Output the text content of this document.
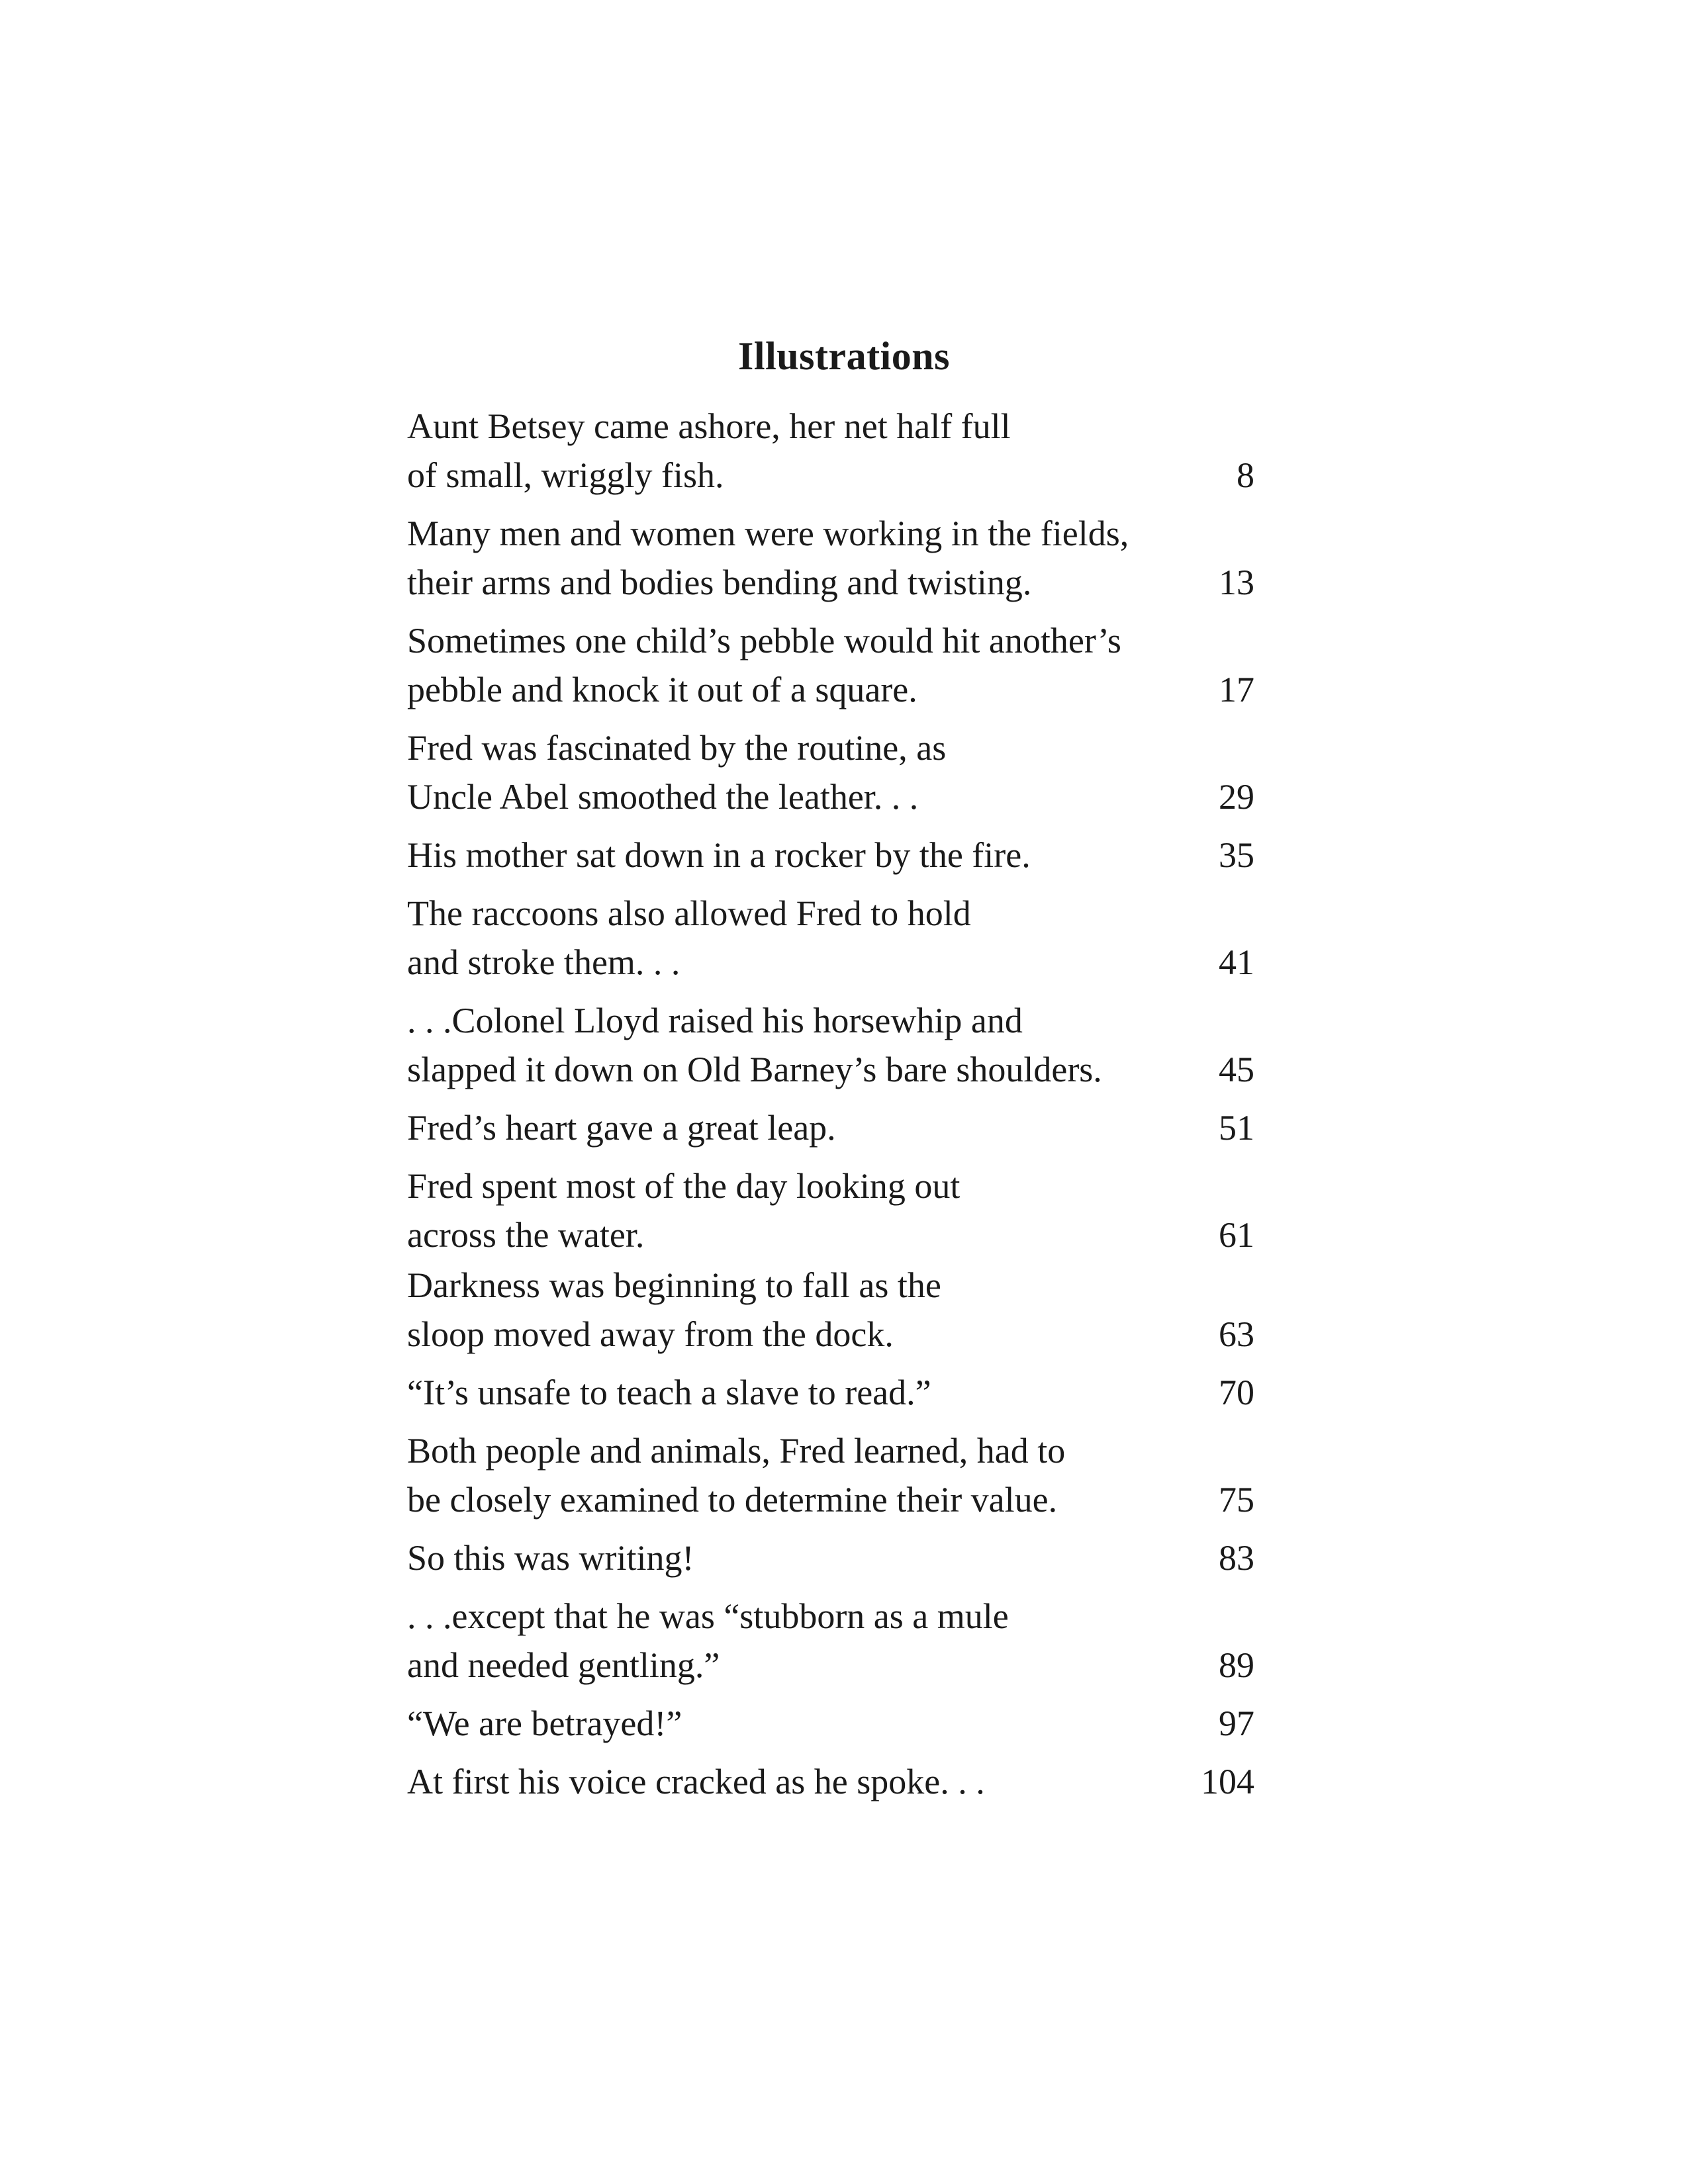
Illustrations
Aunt Betsey came ashore, her net half full
of small, wriggly fish.	8
Many men and women were working in the fields,
their arms and bodies bending and twisting.	13
Sometimes one child’s pebble would hit another’s
pebble and knock it out of a square.	17
Fred was fascinated by the routine, as
Uncle Abel smoothed the leather. . .	29
His mother sat down in a rocker by the fire.	35
The raccoons also allowed Fred to hold
and stroke them. . .	41
. . .Colonel Lloyd raised his horsewhip and
slapped it down on Old Barney’s bare shoulders.	45
Fred’s heart gave a great leap.	51
Fred spent most of the day looking out
across the water.	61
Darkness was beginning to fall as the
sloop moved away from the dock.	63
“It’s unsafe to teach a slave to read.”	70
Both people and animals, Fred learned, had to
be closely examined to determine their value.	75
So this was writing!	83
. . .except that he was “stubborn as a mule
and needed gentling.”	89
“We are betrayed!”	97
At first his voice cracked as he spoke. . .	104
